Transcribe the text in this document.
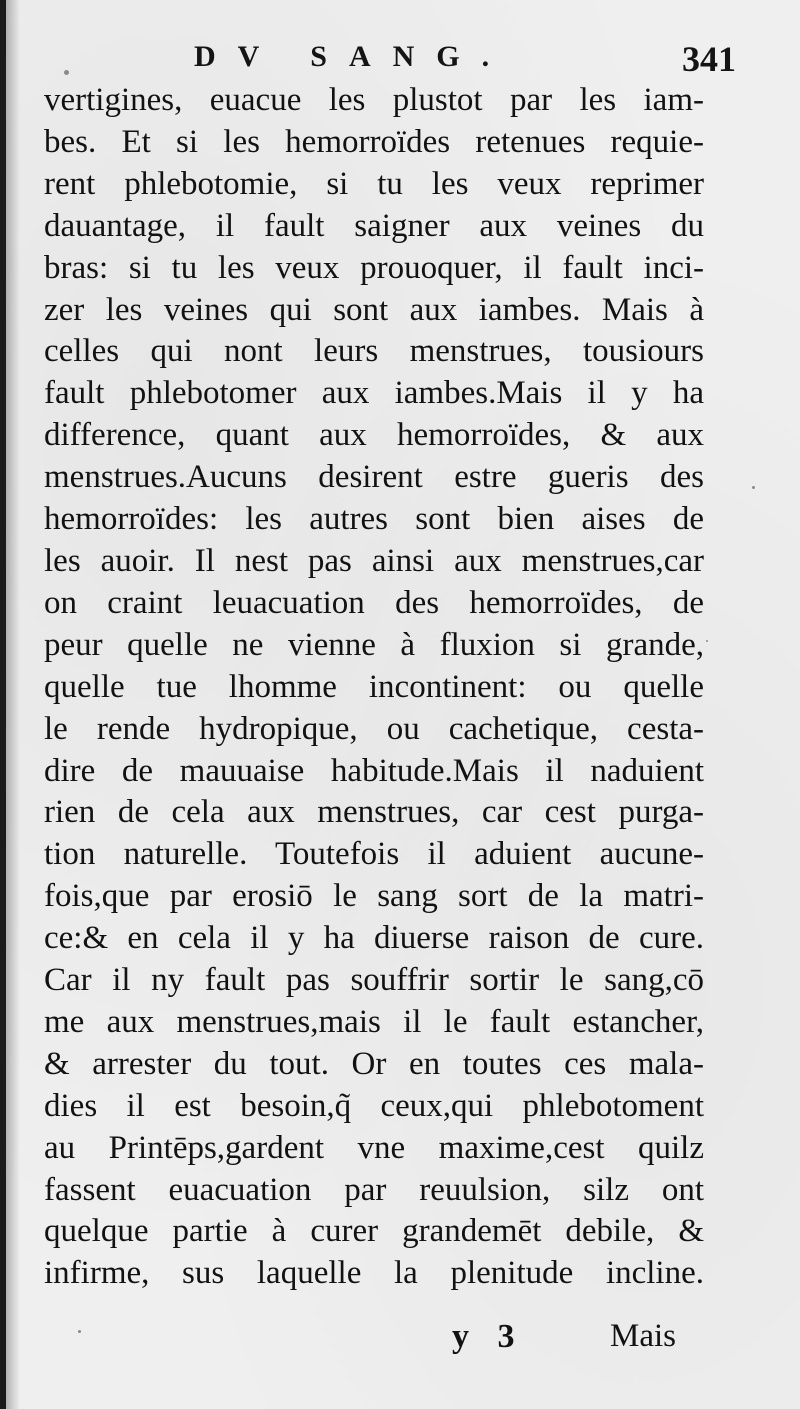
DV SANG.	341
vertigines, euacue les plustot par les iam-
bes. Et si les hemorroïdes retenues requie-
rent phlebotomie, si tu les veux reprimer
dauantage, il fault saigner aux veines du
bras: si tu les veux prouoquer, il fault inci-
zer les veines qui sont aux iambes. Mais à
celles qui nont leurs menstrues, tousiours
fault phlebotomer aux iambes.Mais il y ha
difference, quant aux hemorroïdes, & aux
menstrues.Aucuns desirent estre gueris des
hemorroïdes: les autres sont bien aises de
les auoir. Il nest pas ainsi aux menstrues,car
on craint leuacuation des hemorroïdes, de
peur quelle ne vienne à fluxion si grande,
quelle tue lhomme incontinent: ou quelle
le rende hydropique, ou cachetique, cesta-
dire de mauuaise habitude.Mais il naduient
rien de cela aux menstrues, car cest purga-
tion naturelle. Toutefois il aduient aucune-
fois,que par erosiō le sang sort de la matri-
ce:& en cela il y ha diuerse raison de cure.
Car il ny fault pas souffrir sortir le sang,cō
me aux menstrues,mais il le fault estancher,
& arrester du tout. Or en toutes ces mala-
dies il est besoin,q̃ ceux,qui phlebotoment
au Printēps,gardent vne maxime,cest quilz
fassent euacuation par reuulsion, silz ont
quelque partie à curer grandemēt debile, &
infirme, sus laquelle la plenitude incline.
y 3	Mais
